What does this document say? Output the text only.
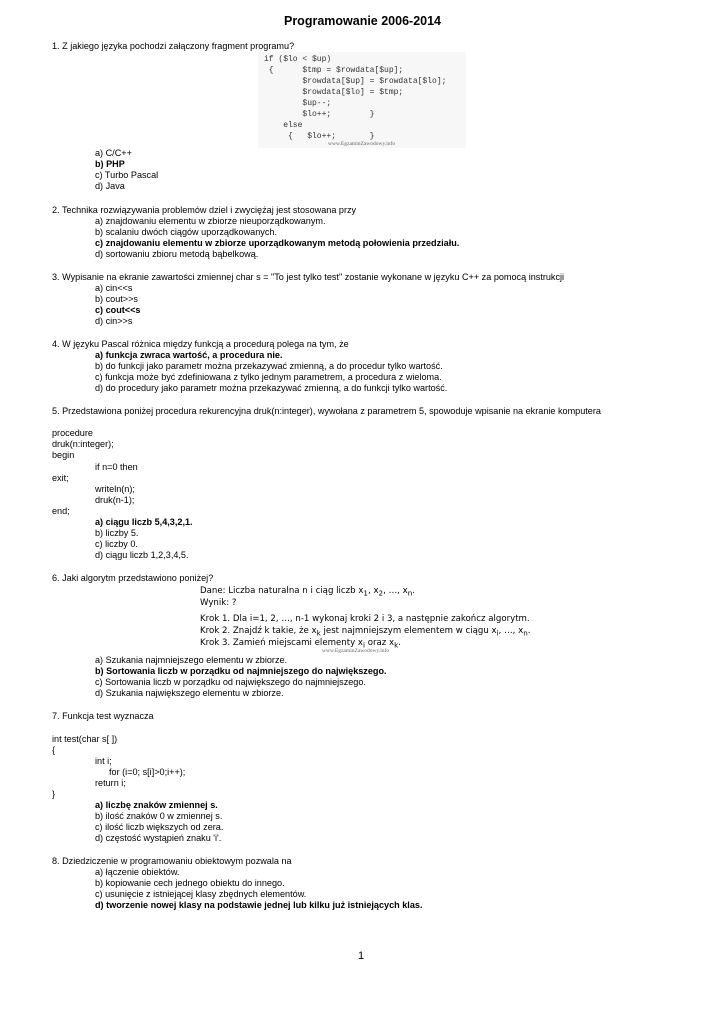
Programowanie 2006-2014
1. Z jakiego języka pochodzi załączony fragment programu?
if ($lo < $up)
{      $tmp = $rowdata[$up];
$rowdata[$up] = $rowdata[$lo];
$rowdata[$lo] = $tmp;
$up--;
$lo++;        }
else
{   $lo++;       }
www.EgzaminZawodowy.info
a) C/C++
b) PHP
c) Turbo Pascal
d) Java
2. Technika rozwiązywania problemów dziel i zwyciężaj jest stosowana przy
a) znajdowaniu elementu w zbiorze nieuporządkowanym.
b) scalaniu dwóch ciągów uporządkowanych.
c) znajdowaniu elementu w zbiorze uporządkowanym metodą połowienia przedziału.
d) sortowaniu zbioru metodą bąbelkową.
3. Wypisanie na ekranie zawartości zmiennej char s = "To jest tylko test" zostanie wykonane w języku C++ za pomocą instrukcji
a) cin<<s
b) cout>>s
c) cout<<s
d) cin>>s
4. W języku Pascal różnica między funkcją a procedurą polega na tym, że
a) funkcja zwraca wartość, a procedura nie.
b) do funkcji jako parametr można przekazywać zmienną, a do procedur tylko wartość.
c) funkcja może być zdefiniowana z tylko jednym parametrem, a procedura z wieloma.
d) do procedury jako parametr można przekazywać zmienną, a do funkcji tylko wartość.
5. Przedstawiona poniżej procedura rekurencyjna druk(n:integer), wywołana z parametrem 5, spowoduje wpisanie na ekranie komputera
procedure
druk(n:integer);
begin
if n=0 then
exit;
writeln(n);
druk(n-1);
end;
a) ciągu liczb 5,4,3,2,1.
b) liczby 5.
c) liczby 0.
d) ciągu liczb 1,2,3,4,5.
6. Jaki algorytm przedstawiono poniżej?
Dane: Liczba naturalna n i ciąg liczb $x_1$, $x_2$, …, $x_n$.
Wynik: ?
Krok 1. Dla i=1, 2, …, n-1 wykonaj kroki 2 i 3, a następnie zakończ algorytm.
Krok 2. Znajdź k takie, że $x_k$ jest najmniejszym elementem w ciągu $x_i$, …, $x_n$.
Krok 3. Zamień miejscami elementy $x_i$ oraz $x_k$.
www.EgzaminZawodowy.info
a) Szukania najmniejszego elementu w zbiorze.
b) Sortowania liczb w porządku od najmniejszego do największego.
c) Sortowania liczb w porządku od największego do najmniejszego.
d) Szukania największego elementu w zbiorze.
7. Funkcja test wyznacza
int test(char s[ ])
{
int i;
for (i=0; s[i]>0;i++);
return i;
}
a) liczbę znaków zmiennej s.
b) ilość znaków 0 w zmiennej s.
c) ilość liczb większych od zera.
d) częstość wystąpień znaku 'i'.
8. Dziedziczenie w programowaniu obiektowym pozwala na
a) łączenie obiektów.
b) kopiowanie cech jednego obiektu do innego.
c) usunięcie z istniejącej klasy zbędnych elementów.
d) tworzenie nowej klasy na podstawie jednej lub kilku już istniejących klas.
1
